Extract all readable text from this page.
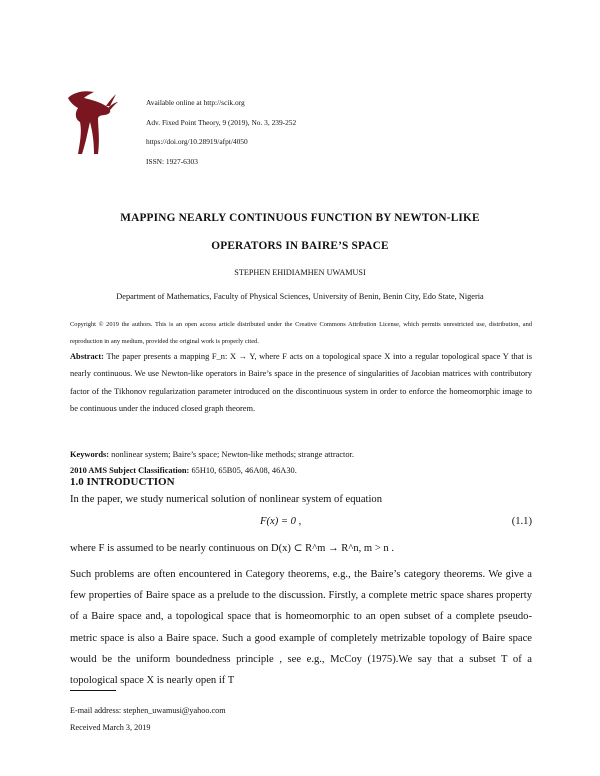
Available online at http://scik.org
Adv. Fixed Point Theory, 9 (2019), No. 3, 239-252
https://doi.org/10.28919/afpt/4050
ISSN: 1927-6303
MAPPING NEARLY CONTINUOUS FUNCTION BY NEWTON-LIKE
OPERATORS IN BAIRE’S SPACE
STEPHEN EHIDIAMHEN UWAMUSI
Department of Mathematics, Faculty of Physical Sciences, University of Benin, Benin City, Edo State, Nigeria
Copyright © 2019 the authors. This is an open access article distributed under the Creative Commons Attribution License, which permits unrestricted use, distribution, and reproduction in any medium, provided the original work is properly cited.
Abstract: The paper presents a mapping F_n: X → Y, where F acts on a topological space X into a regular topological space Y that is nearly continuous. We use Newton-like operators in Baire’s space in the presence of singularities of Jacobian matrices with contributory factor of the Tikhonov regularization parameter introduced on the discontinuous system in order to enforce the homeomorphic image to be continuous under the induced closed graph theorem.
Keywords: nonlinear system; Baire’s space; Newton-like methods; strange attractor.
2010 AMS Subject Classification: 65H10, 65B05, 46A08, 46A30.
1.0 INTRODUCTION
In the paper, we study numerical solution of nonlinear system of equation
F(x) = 0 ,	(1.1)
where F is assumed to be nearly continuous on D(x) ⊂ R^m → R^n, m > n .
Such problems are often encountered in Category theorems, e.g., the Baire’s category theorems. We give a few properties of Baire space as a prelude to the discussion. Firstly, a complete metric space shares property of a Baire space and, a topological space that is homeomorphic to an open subset of a complete pseudo-metric space is also a Baire space. Such a good example of completely metrizable topology of Baire space would be the uniform boundedness principle , see e.g., McCoy (1975).We say that a subset T of a topological space X is nearly open if T
E-mail address: stephen_uwamusi@yahoo.com
Received March 3, 2019
